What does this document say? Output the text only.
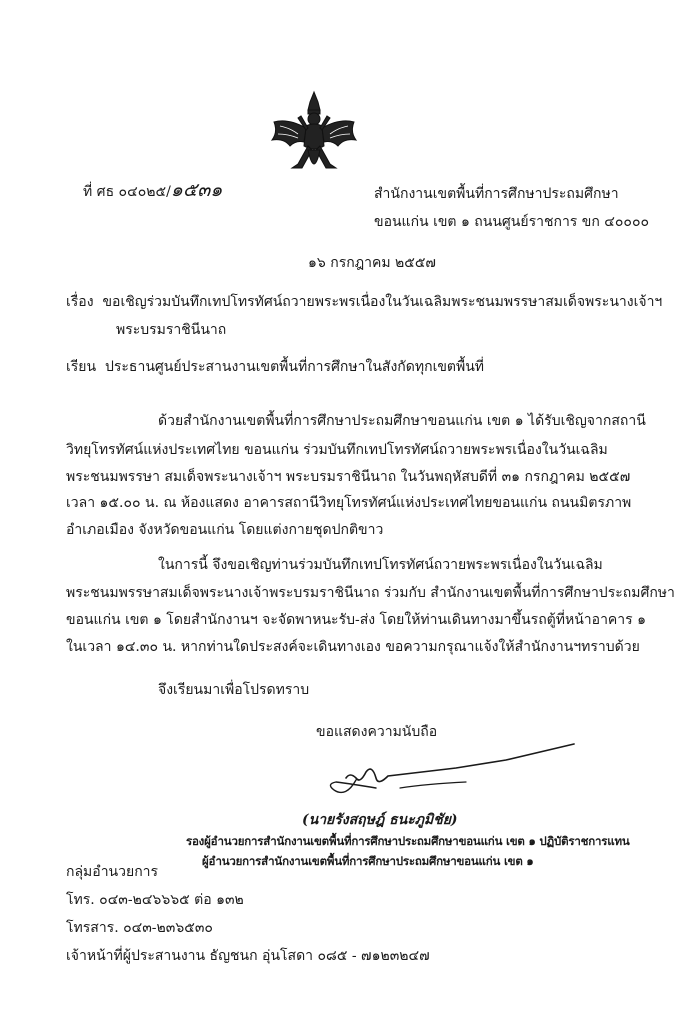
ที่ ศธ ๐๔๐๒๕/๑๕๓๑	สำนักงานเขตพื้นที่การศึกษาประถมศึกษา
ขอนแก่น เขต ๑ ถนนศูนย์ราชการ ขก ๔๐๐๐๐
๑๖ กรกฎาคม ๒๕๕๗
เรื่อง ขอเชิญร่วมบันทึกเทปโทรทัศน์ถวายพระพรเนื่องในวันเฉลิมพระชนมพรรษาสมเด็จพระนางเจ้าฯ
พระบรมราชินีนาถ
เรียน ประธานศูนย์ประสานงานเขตพื้นที่การศึกษาในสังกัดทุกเขตพื้นที่
ด้วยสำนักงานเขตพื้นที่การศึกษาประถมศึกษาขอนแก่น เขต ๑ ได้รับเชิญจากสถานี
วิทยุโทรทัศน์แห่งประเทศไทย ขอนแก่น ร่วมบันทึกเทปโทรทัศน์ถวายพระพรเนื่องในวันเฉลิม
พระชนมพรรษา สมเด็จพระนางเจ้าฯ พระบรมราชินีนาถ ในวันพฤหัสบดีที่ ๓๑ กรกฎาคม ๒๕๕๗
เวลา ๑๕.๐๐ น. ณ ห้องแสดง อาคารสถานีวิทยุโทรทัศน์แห่งประเทศไทยขอนแก่น ถนนมิตรภาพ
อำเภอเมือง จังหวัดขอนแก่น โดยแต่งกายชุดปกติขาว
ในการนี้ จึงขอเชิญท่านร่วมบันทึกเทปโทรทัศน์ถวายพระพรเนื่องในวันเฉลิม
พระชนมพรรษาสมเด็จพระนางเจ้าพระบรมราชินีนาถ ร่วมกับ สำนักงานเขตพื้นที่การศึกษาประถมศึกษา
ขอนแก่น เขต ๑ โดยสำนักงานฯ จะจัดพาหนะรับ-ส่ง โดยให้ท่านเดินทางมาขึ้นรถตู้ที่หน้าอาคาร ๑
ในเวลา ๑๔.๓๐ น. หากท่านใดประสงค์จะเดินทางเอง ขอความกรุณาแจ้งให้สำนักงานฯทราบด้วย
จึงเรียนมาเพื่อโปรดทราบ
ขอแสดงความนับถือ
(นายรังสฤษฎ์ ธนะภูมิชัย)
รองผู้อำนวยการสำนักงานเขตพื้นที่การศึกษาประถมศึกษาขอนแก่น เขต ๑ ปฏิบัติราชการแทน
ผู้อำนวยการสำนักงานเขตพื้นที่การศึกษาประถมศึกษาขอนแก่น เขต ๑
กลุ่มอำนวยการ
โทร. ๐๔๓-๒๔๖๖๖๕ ต่อ ๑๓๒
โทรสาร. ๐๔๓-๒๓๖๕๓๐
เจ้าหน้าที่ผู้ประสานงาน ธัญชนก อุ่นโสดา ๐๘๕ - ๗๑๒๓๒๔๗
